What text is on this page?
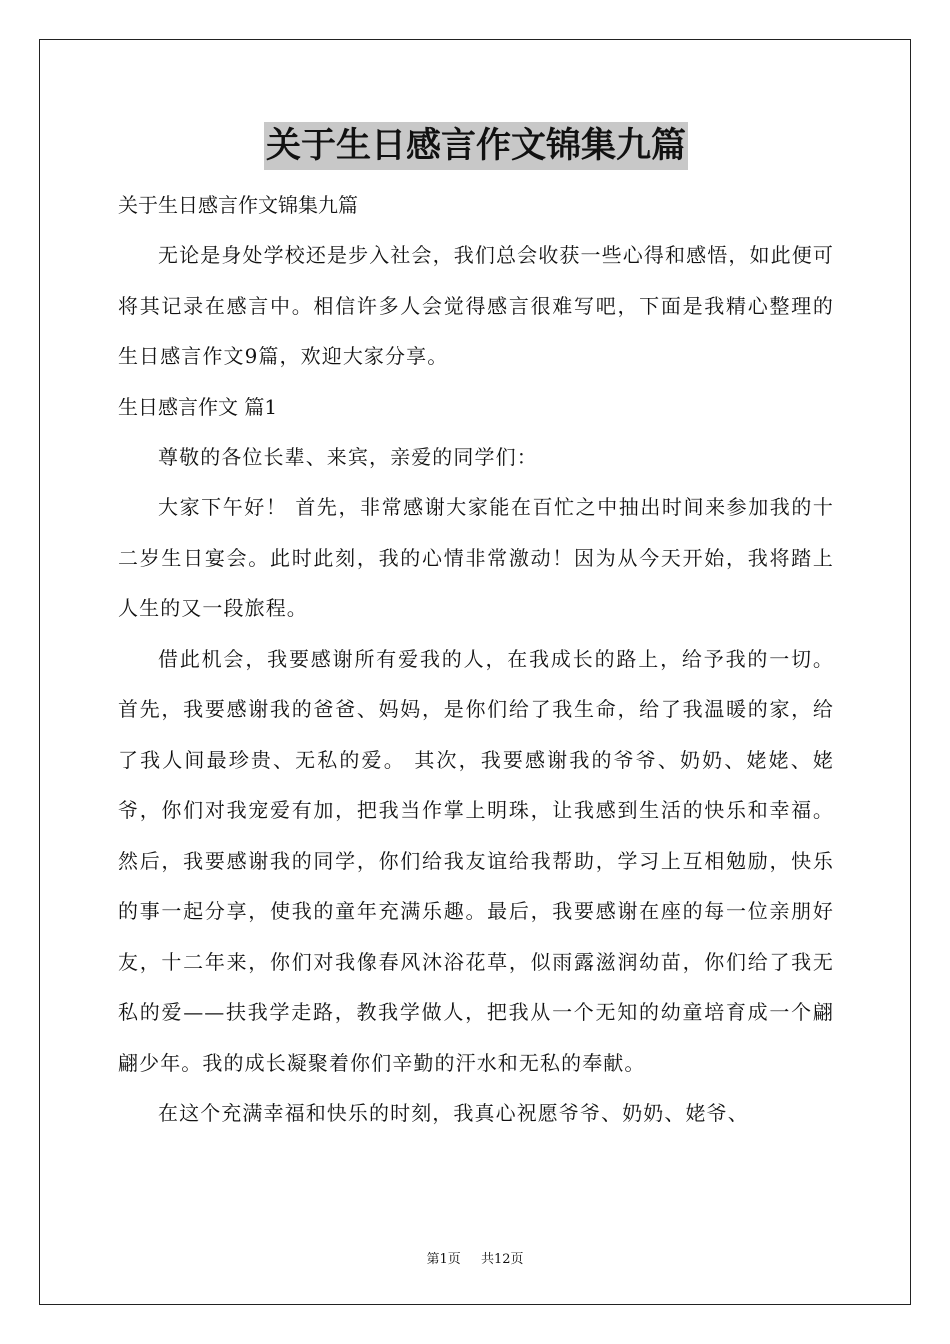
关于生日感言作文锦集九篇

关于生日感言作文锦集九篇

无论是身处学校还是步入社会，我们总会收获一些心得和感悟，如此便可将其记录在感言中。相信许多人会觉得感言很难写吧，下面是我精心整理的生日感言作文9篇，欢迎大家分享。

生日感言作文 篇1

尊敬的各位长辈、来宾，亲爱的同学们：

大家下午好！ 首先，非常感谢大家能在百忙之中抽出时间来参加我的十二岁生日宴会。此时此刻，我的心情非常激动！因为从今天开始，我将踏上人生的又一段旅程。

借此机会，我要感谢所有爱我的人，在我成长的路上，给予我的一切。 首先，我要感谢我的爸爸、妈妈，是你们给了我生命，给了我温暖的家，给了我人间最珍贵、无私的爱。 其次，我要感谢我的爷爷、奶奶、姥姥、姥爷，你们对我宠爱有加，把我当作掌上明珠，让我感到生活的快乐和幸福。 然后，我要感谢我的同学，你们给我友谊给我帮助，学习上互相勉励，快乐的事一起分享，使我的童年充满乐趣。最后，我要感谢在座的每一位亲朋好友，十二年来，你们对我像春风沐浴花草，似雨露滋润幼苗，你们给了我无私的爱——扶我学走路，教我学做人，把我从一个无知的幼童培育成一个翩翩少年。我的成长凝聚着你们辛勤的汗水和无私的奉献。

在这个充满幸福和快乐的时刻，我真心祝愿爷爷、奶奶、姥爷、

第1页 共12页
